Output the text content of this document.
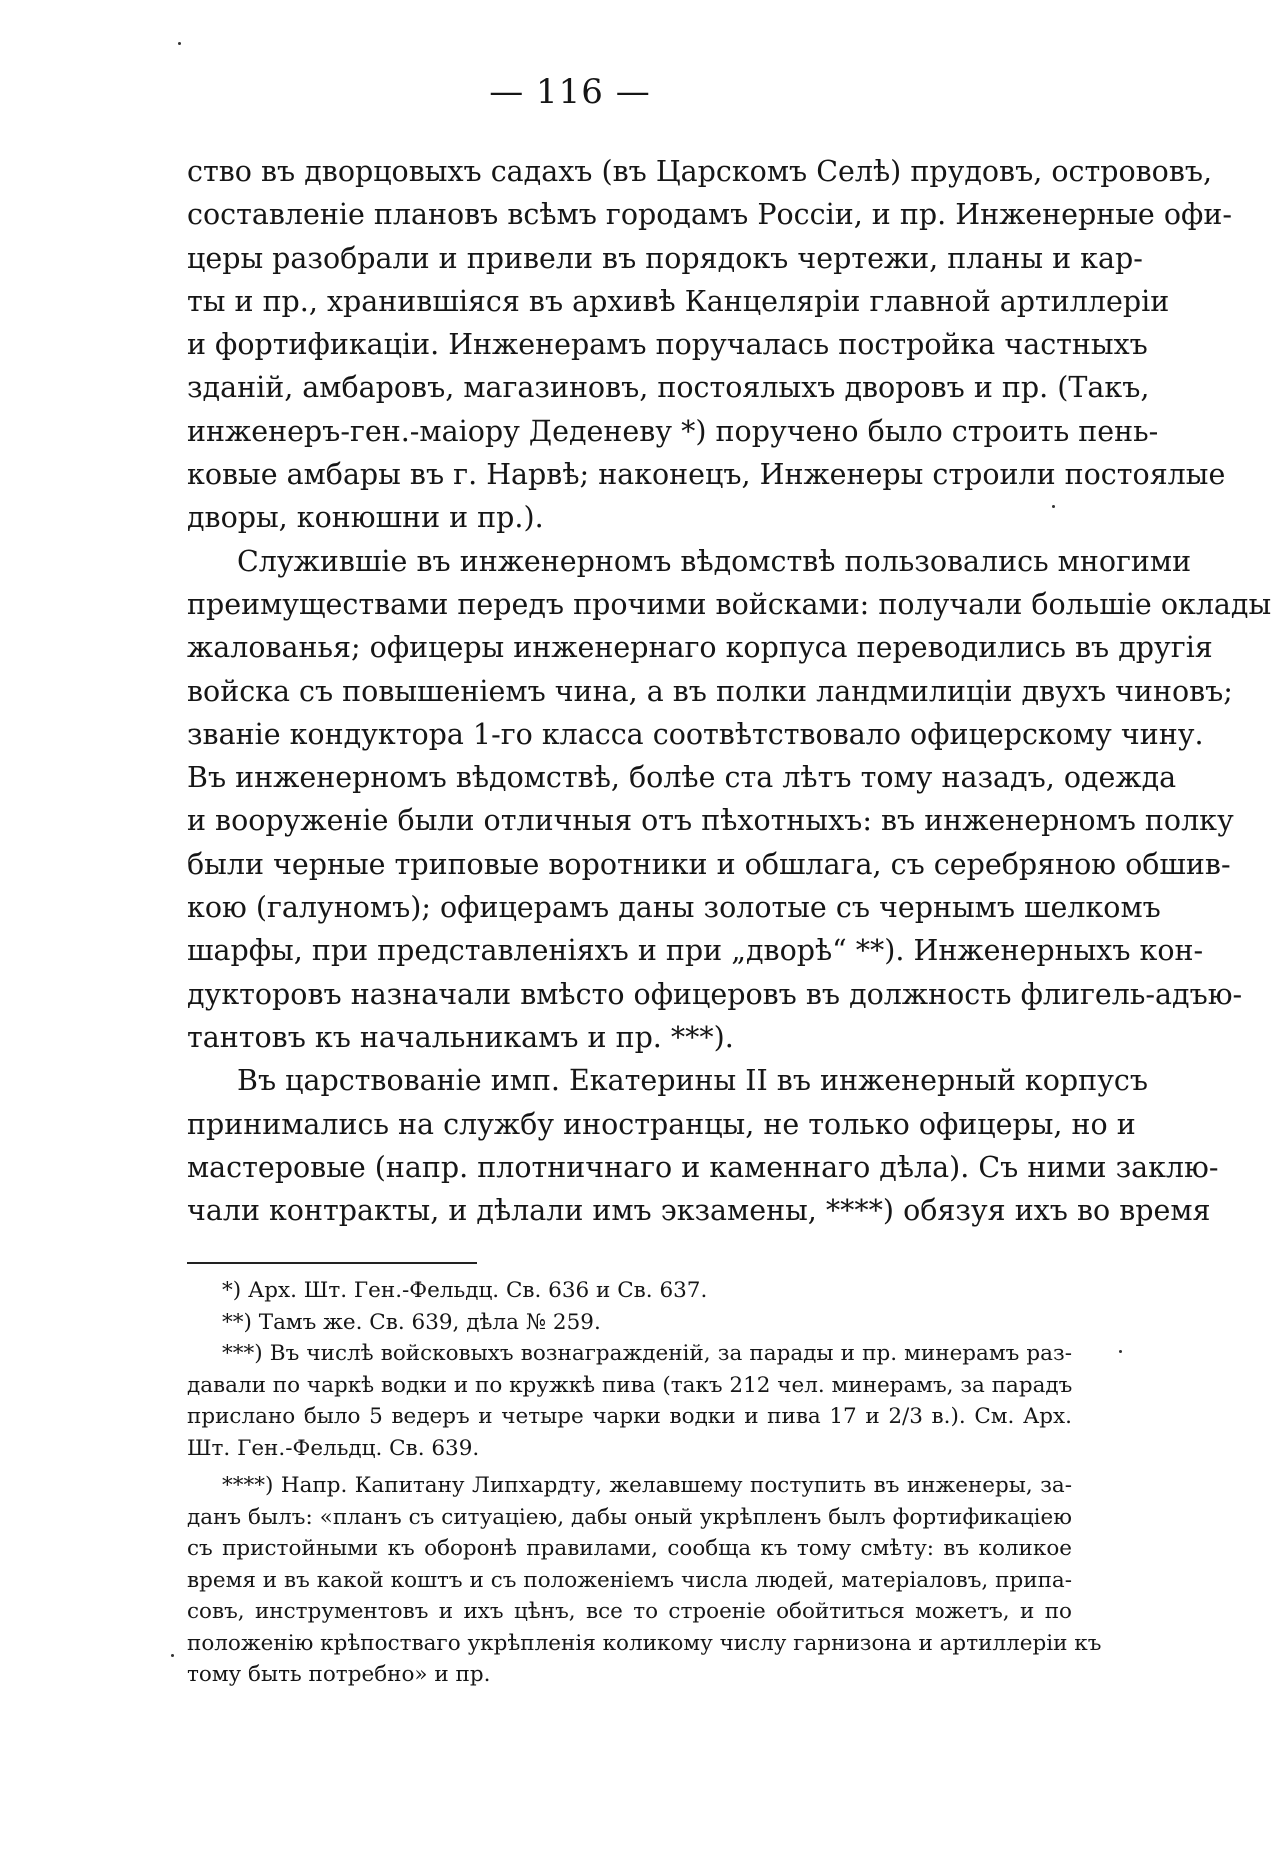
— 116 —
ство въ дворцовыхъ садахъ (въ Царскомъ Селѣ) прудовъ, острововъ,
составленіе плановъ всѣмъ городамъ Россіи, и пр. Инженерные офи-
церы разобрали и привели въ порядокъ чертежи, планы и кар-
ты и пр., хранившіяся въ архивѣ Канцеляріи главной артиллеріи
и фортификаціи. Инженерамъ поручалась постройка частныхъ
зданій, амбаровъ, магазиновъ, постоялыхъ дворовъ и пр. (Такъ,
инженеръ-ген.-маіору Деденеву *) поручено было строить пень-
ковые амбары въ г. Нарвѣ; наконецъ, Инженеры строили постоялые
дворы, конюшни и пр.).
Служившіе въ инженерномъ вѣдомствѣ пользовались многими
преимуществами передъ прочими войсками: получали большіе оклады
жалованья; офицеры инженернаго корпуса переводились въ другія
войска съ повышеніемъ чина, а въ полки ландмилиціи двухъ чиновъ;
званіе кондуктора 1-го класса соотвѣтствовало офицерскому чину.
Въ инженерномъ вѣдомствѣ, болѣе ста лѣтъ тому назадъ, одежда
и вооруженіе были отличныя отъ пѣхотныхъ: въ инженерномъ полку
были черные триповые воротники и обшлага, съ серебряною обшив-
кою (галуномъ); офицерамъ даны золотые съ чернымъ шелкомъ
шарфы, при представленіяхъ и при „дворѣ“ **). Инженерныхъ кон-
дукторовъ назначали вмѣсто офицеровъ въ должность флигель-адъю-
тантовъ къ начальникамъ и пр. ***).
Въ царствованіе имп. Екатерины II въ инженерный корпусъ
принимались на службу иностранцы, не только офицеры, но и
мастеровые (напр. плотничнаго и каменнаго дѣла). Съ ними заклю-
чали контракты, и дѣлали имъ экзамены, ****) обязуя ихъ во время
*) Арх. Шт. Ген.-Фельдц. Св. 636 и Св. 637.
**) Тамъ же. Св. 639, дѣла № 259.
***) Въ числѣ войсковыхъ вознагражденій, за парады и пр. минерамъ раз-
давали по чаркѣ водки и по кружкѣ пива (такъ 212 чел. минерамъ, за парадъ
прислано было 5 ведеръ и четыре чарки водки и пива 17 и 2/3 в.). См. Арх.
Шт. Ген.-Фельдц. Св. 639.
****) Напр. Капитану Липхардту, желавшему поступить въ инженеры, за-
данъ былъ: «планъ съ ситуаціею, дабы оный укрѣпленъ былъ фортификаціею
съ пристойными къ оборонѣ правилами, сообща къ тому смѣту: въ коликое
время и въ какой коштъ и съ положеніемъ числа людей, матеріаловъ, припа-
совъ, инструментовъ и ихъ цѣнъ, все то строеніе обойтиться можетъ, и по
положенію крѣпостваго укрѣпленія коликому числу гарнизона и артиллеріи къ
тому быть потребно» и пр.
